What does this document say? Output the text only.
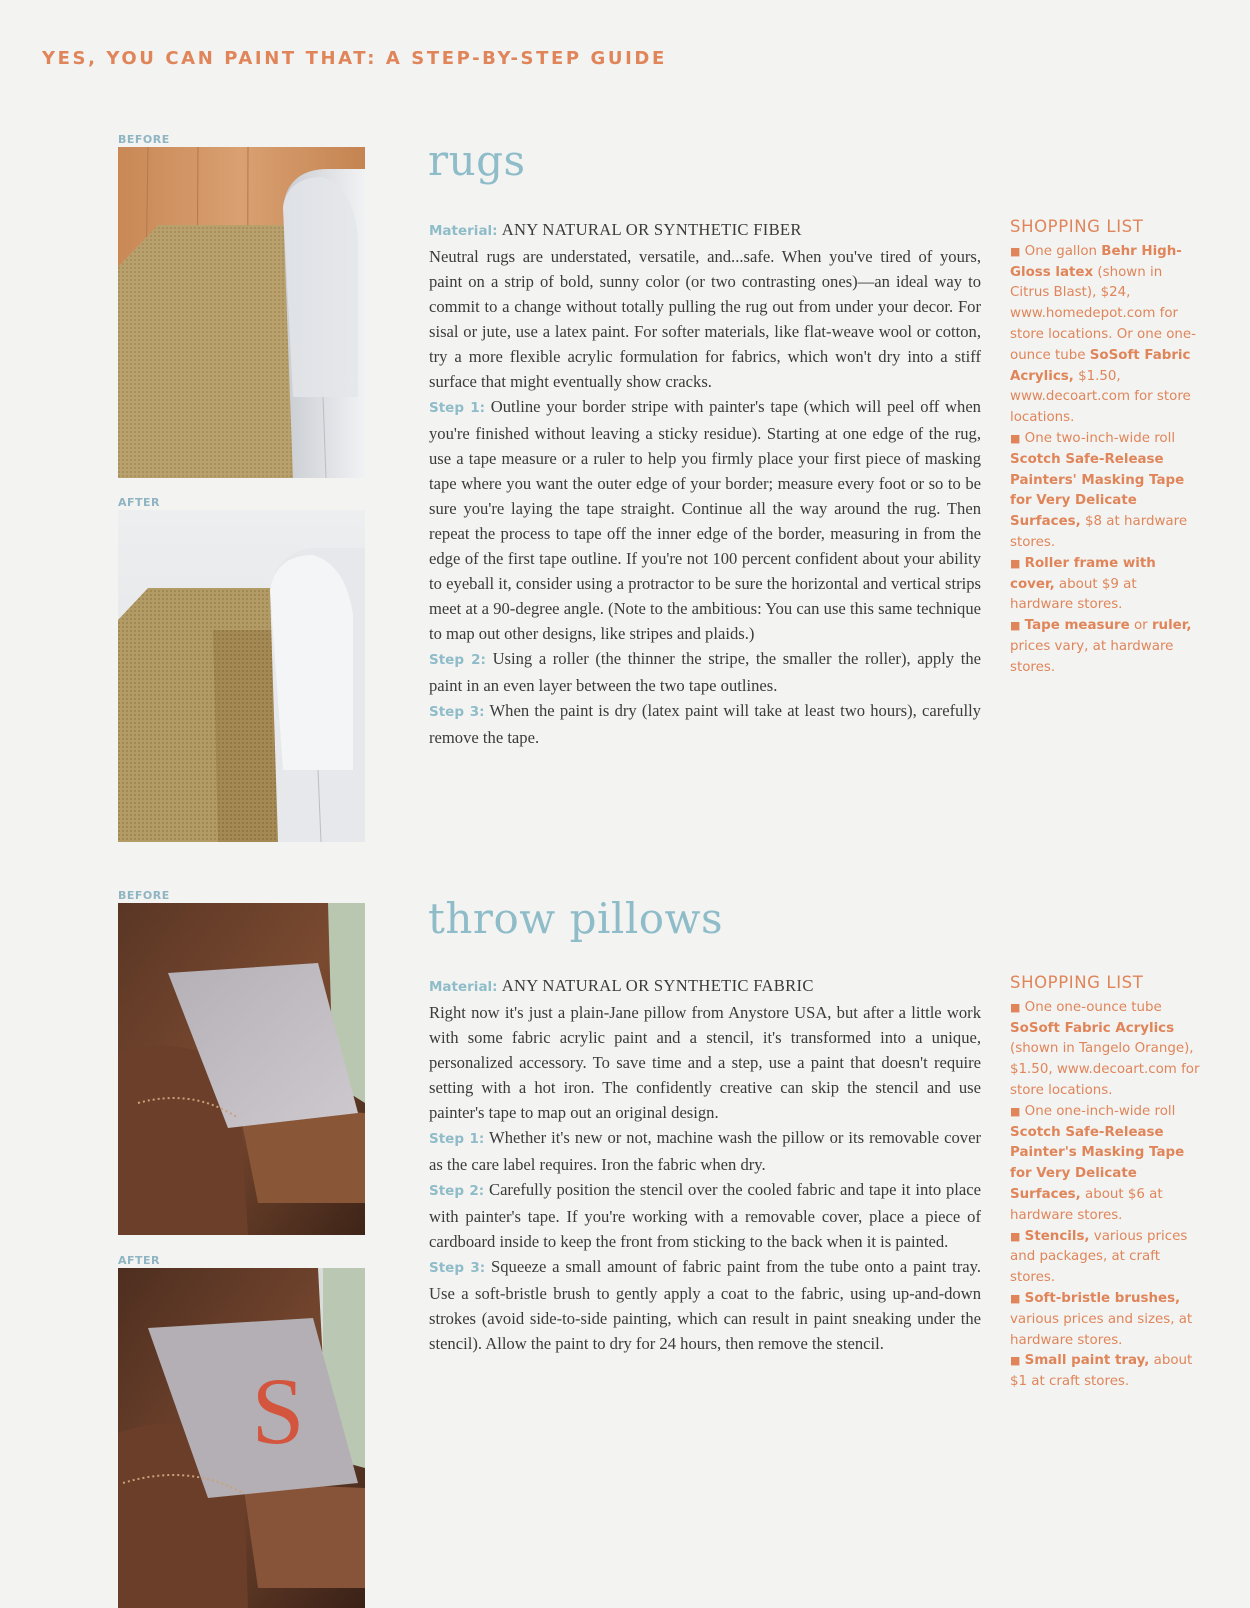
YES, YOU CAN PAINT THAT: A STEP-BY-STEP GUIDE
BEFORE
AFTER
rugs

Material: ANY NATURAL OR SYNTHETIC FIBER

Neutral rugs are understated, versatile, and...safe. When you've tired of yours, paint on a strip of bold, sunny color (or two contrasting ones)—an ideal way to commit to a change without totally pulling the rug out from under your decor. For sisal or jute, use a latex paint. For softer materials, like flat-weave wool or cotton, try a more flexible acrylic formulation for fabrics, which won't dry into a stiff surface that might eventually show cracks.

Step 1: Outline your border stripe with painter's tape (which will peel off when you're finished without leaving a sticky residue). Starting at one edge of the rug, use a tape measure or a ruler to help you firmly place your first piece of masking tape where you want the outer edge of your border; measure every foot or so to be sure you're laying the tape straight. Continue all the way around the rug. Then repeat the process to tape off the inner edge of the border, measuring in from the edge of the first tape outline. If you're not 100 percent confident about your ability to eyeball it, consider using a protractor to be sure the horizontal and vertical strips meet at a 90-degree angle. (Note to the ambitious: You can use this same technique to map out other designs, like stripes and plaids.)

Step 2: Using a roller (the thinner the stripe, the smaller the roller), apply the paint in an even layer between the two tape outlines.

Step 3: When the paint is dry (latex paint will take at least two hours), carefully remove the tape.

SHOPPING LIST

■ One gallon Behr High-Gloss latex (shown in Citrus Blast), $24, www.homedepot.com for store locations. Or one one-ounce tube SoSoft Fabric Acrylics, $1.50, www.decoart.com for store locations.

■ One two-inch-wide roll Scotch Safe-Release Painters' Masking Tape for Very Delicate Surfaces, $8 at hardware stores.

■ Roller frame with cover, about $9 at hardware stores.

■ Tape measure or ruler, prices vary, at hardware stores.

BEFORE
AFTER
S
throw pillows

Material: ANY NATURAL OR SYNTHETIC FABRIC

Right now it's just a plain-Jane pillow from Anystore USA, but after a little work with some fabric acrylic paint and a stencil, it's transformed into a unique, personalized accessory. To save time and a step, use a paint that doesn't require setting with a hot iron. The confidently creative can skip the stencil and use painter's tape to map out an original design.

Step 1: Whether it's new or not, machine wash the pillow or its removable cover as the care label requires. Iron the fabric when dry.

Step 2: Carefully position the stencil over the cooled fabric and tape it into place with painter's tape. If you're working with a removable cover, place a piece of cardboard inside to keep the front from sticking to the back when it is painted.

Step 3: Squeeze a small amount of fabric paint from the tube onto a paint tray. Use a soft-bristle brush to gently apply a coat to the fabric, using up-and-down strokes (avoid side-to-side painting, which can result in paint sneaking under the stencil). Allow the paint to dry for 24 hours, then remove the stencil.

SHOPPING LIST

■ One one-ounce tube SoSoft Fabric Acrylics (shown in Tangelo Orange), $1.50, www.decoart.com for store locations.

■ One one-inch-wide roll Scotch Safe-Release Painter's Masking Tape for Very Delicate Surfaces, about $6 at hardware stores.

■ Stencils, various prices and packages, at craft stores.

■ Soft-bristle brushes, various prices and sizes, at hardware stores.

■ Small paint tray, about $1 at craft stores.
